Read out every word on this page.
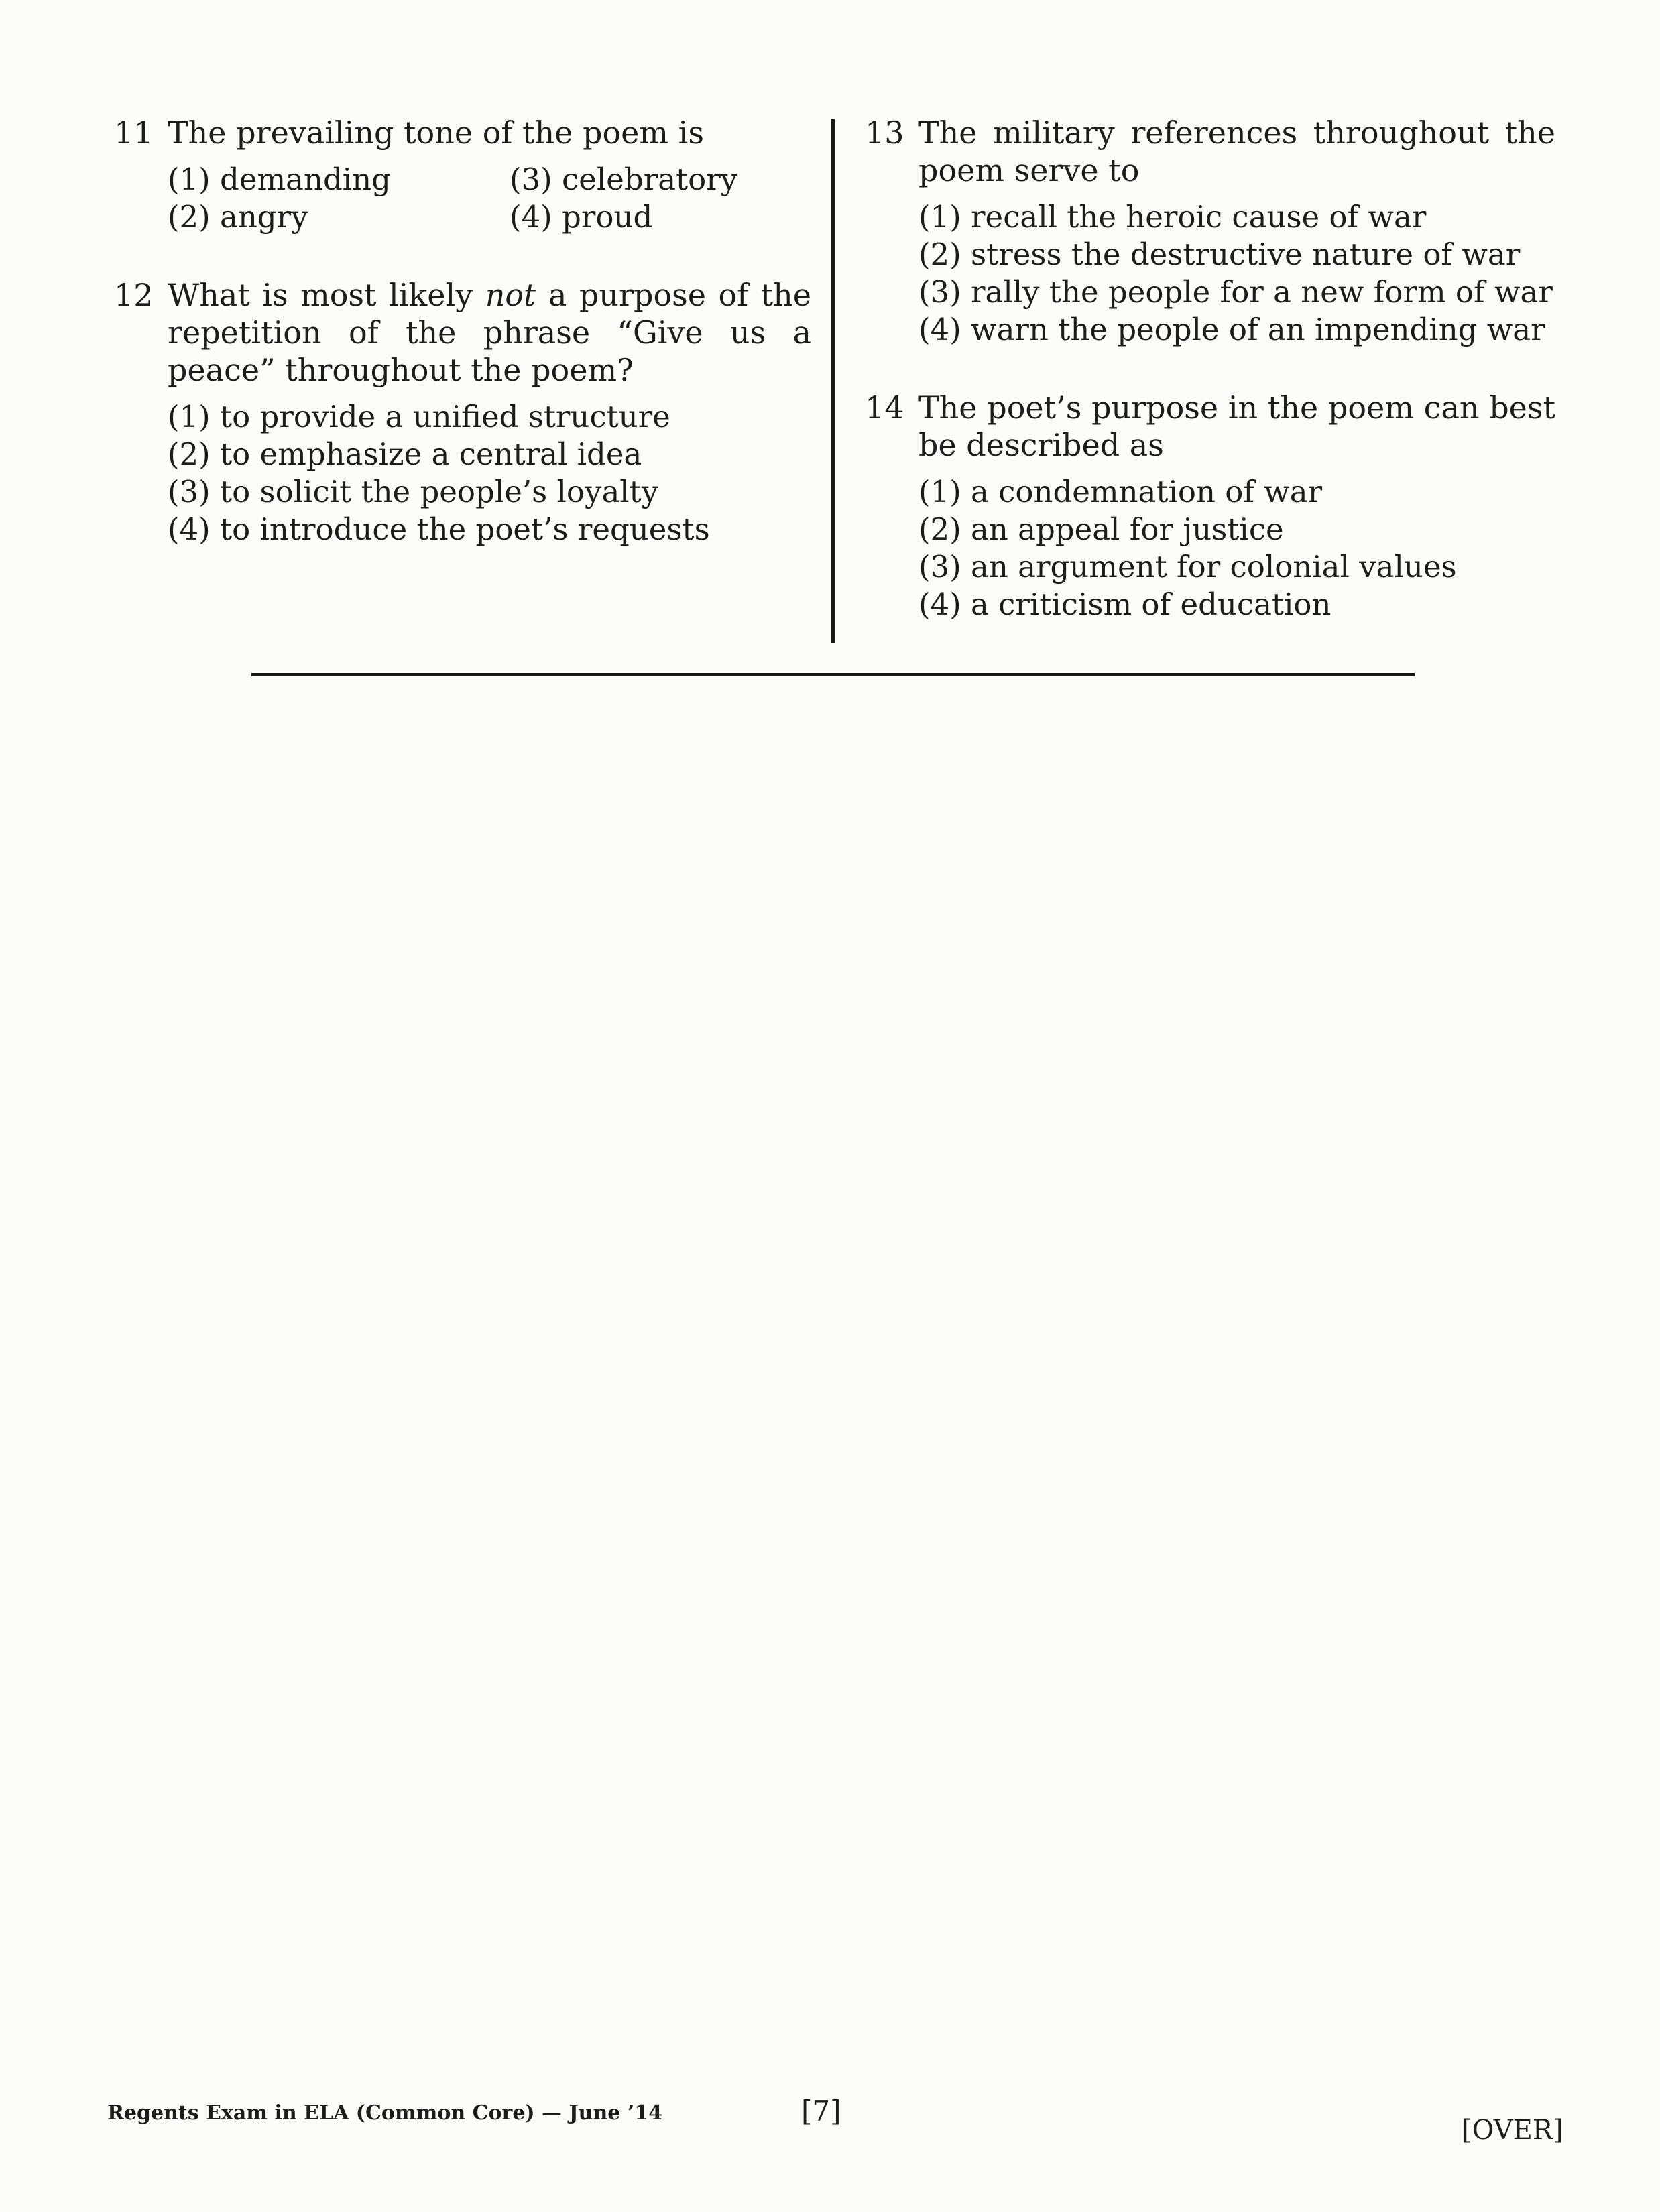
11 The prevailing tone of the poem is
(1) demanding	(3) celebratory
(2) angry	(4) proud
12 What is most likely not a purpose of the repetition of the phrase “Give us a peace” throughout the poem?
(1) to provide a unified structure
(2) to emphasize a central idea
(3) to solicit the people’s loyalty
(4) to introduce the poet’s requests
13 The military references throughout the poem serve to
(1) recall the heroic cause of war
(2) stress the destructive nature of war
(3) rally the people for a new form of war
(4) warn the people of an impending war
14 The poet’s purpose in the poem can best be described as
(1) a condemnation of war
(2) an appeal for justice
(3) an argument for colonial values
(4) a criticism of education
Regents Exam in ELA (Common Core) — June ’14	[7]
[OVER]
